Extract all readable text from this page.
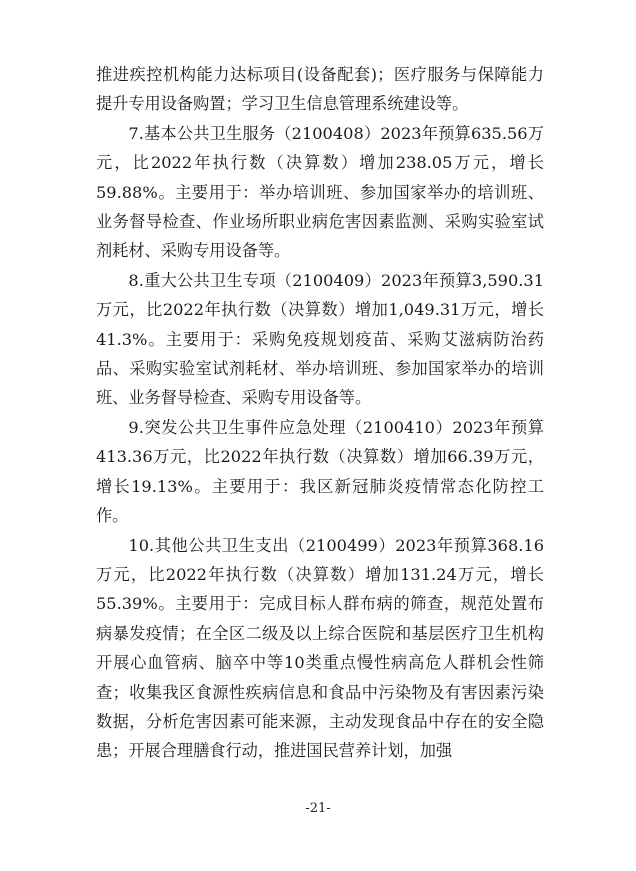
推进疾控机构能力达标项目(设备配套)；医疗服务与保障能力提升专用设备购置；学习卫生信息管理系统建设等。

7.基本公共卫生服务（2100408）2023年预算635.56万元，比2022年执行数（决算数）增加238.05万元，增长59.88%。主要用于：举办培训班、参加国家举办的培训班、业务督导检查、作业场所职业病危害因素监测、采购实验室试剂耗材、采购专用设备等。

8.重大公共卫生专项（2100409）2023年预算3,590.31万元，比2022年执行数（决算数）增加1,049.31万元，增长41.3%。主要用于：采购免疫规划疫苗、采购艾滋病防治药品、采购实验室试剂耗材、举办培训班、参加国家举办的培训班、业务督导检查、采购专用设备等。

9.突发公共卫生事件应急处理（2100410）2023年预算413.36万元，比2022年执行数（决算数）增加66.39万元，增长19.13%。主要用于：我区新冠肺炎疫情常态化防控工作。

10.其他公共卫生支出（2100499）2023年预算368.16万元，比2022年执行数（决算数）增加131.24万元，增长55.39%。主要用于：完成目标人群布病的筛查，规范处置布病暴发疫情；在全区二级及以上综合医院和基层医疗卫生机构开展心血管病、脑卒中等10类重点慢性病高危人群机会性筛查；收集我区食源性疾病信息和食品中污染物及有害因素污染数据，分析危害因素可能来源，主动发现食品中存在的安全隐患；开展合理膳食行动，推进国民营养计划，加强

-21-
